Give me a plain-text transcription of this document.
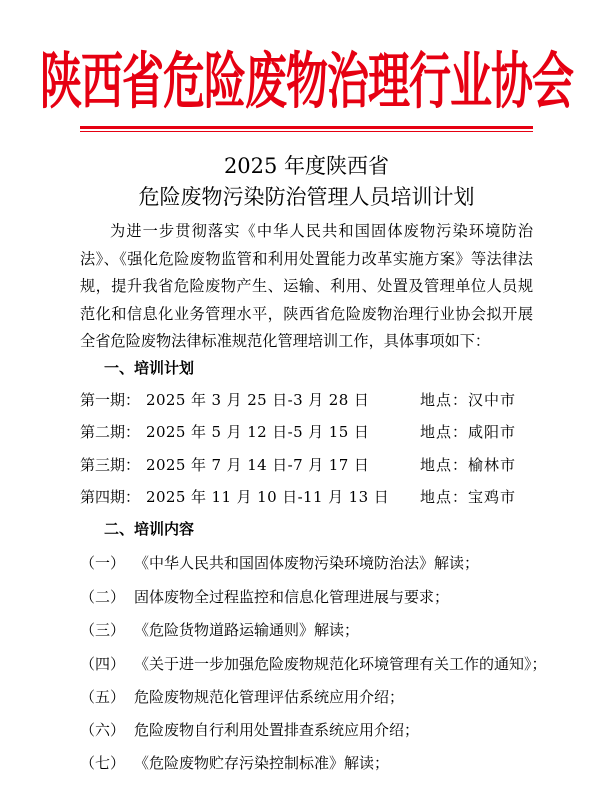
陕西省危险废物治理行业协会
2025 年度陕西省
危险废物污染防治管理人员培训计划
为进一步贯彻落实《中华人民共和国固体废物污染环境防治法》、《强化危险废物监管和利用处置能力改革实施方案》等法律法规，提升我省危险废物产生、运输、利用、处置及管理单位人员规范化和信息化业务管理水平，陕西省危险废物治理行业协会拟开展全省危险废物法律标准规范化管理培训工作，具体事项如下：
一、培训计划
第一期： 2025 年 3 月 25 日-3 月 28 日	地点：汉中市
第二期： 2025 年 5 月 12 日-5 月 15 日	地点：咸阳市
第三期： 2025 年 7 月 14 日-7 月 17 日	地点：榆林市
第四期： 2025 年 11 月 10 日-11 月 13 日 地点：宝鸡市
二、培训内容
（一） 《中华人民共和国固体废物污染环境防治法》解读；
（二） 固体废物全过程监控和信息化管理进展与要求；
（三） 《危险货物道路运输通则》解读；
（四） 《关于进一步加强危险废物规范化环境管理有关工作的通知》；
（五） 危险废物规范化管理评估系统应用介绍；
（六） 危险废物自行利用处置排查系统应用介绍；
（七） 《危险废物贮存污染控制标准》解读；
